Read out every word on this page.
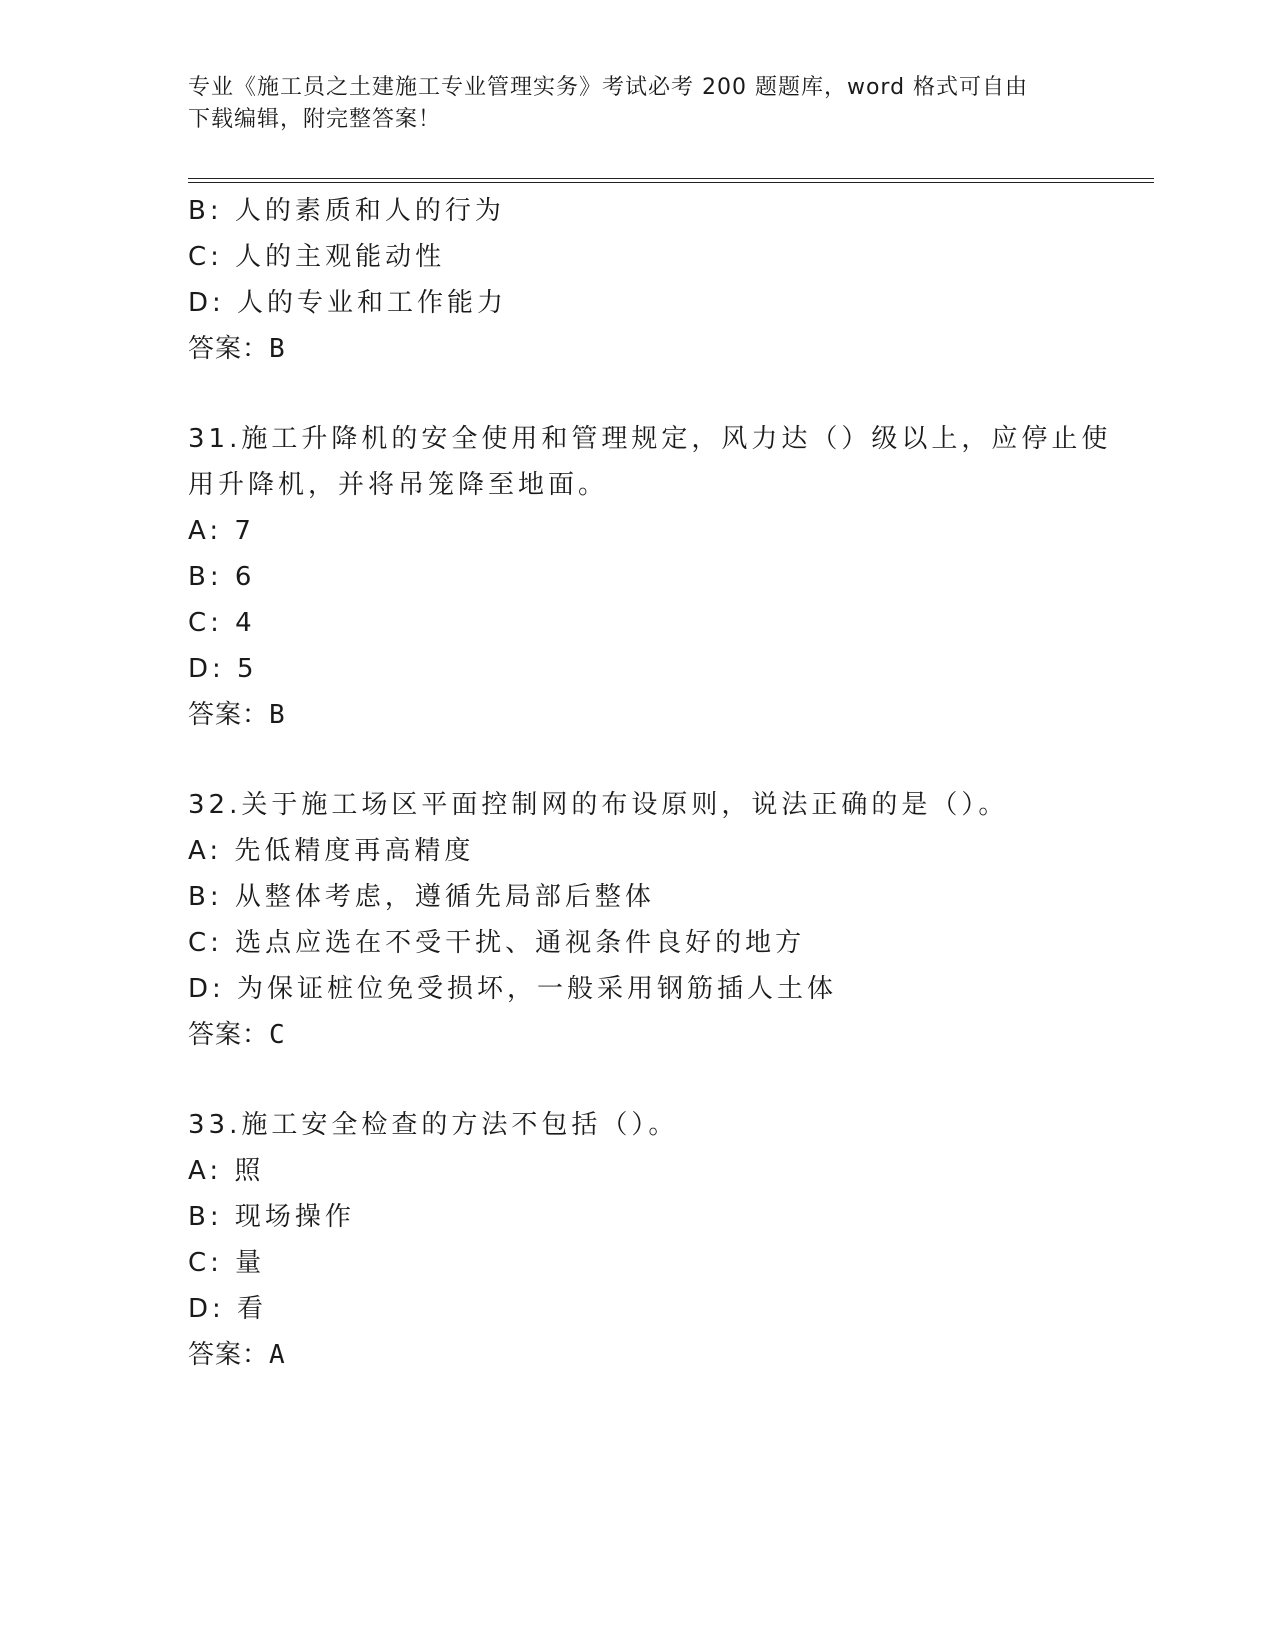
专业《施工员之土建施工专业管理实务》考试必考 200 题题库，word 格式可自由
下载编辑，附完整答案！
B: 人的素质和人的行为
C: 人的主观能动性
D: 人的专业和工作能力
答案：B
31.施工升降机的安全使用和管理规定，风力达（）级以上，应停止使
用升降机，并将吊笼降至地面。
A: 7
B: 6
C: 4
D: 5
答案：B
32.关于施工场区平面控制网的布设原则，说法正确的是（）。
A: 先低精度再高精度
B: 从整体考虑，遵循先局部后整体
C: 选点应选在不受干扰、通视条件良好的地方
D: 为保证桩位免受损坏，一般采用钢筋插人土体
答案：C
33.施工安全检查的方法不包括（）。
A: 照
B: 现场操作
C: 量
D: 看
答案：A
